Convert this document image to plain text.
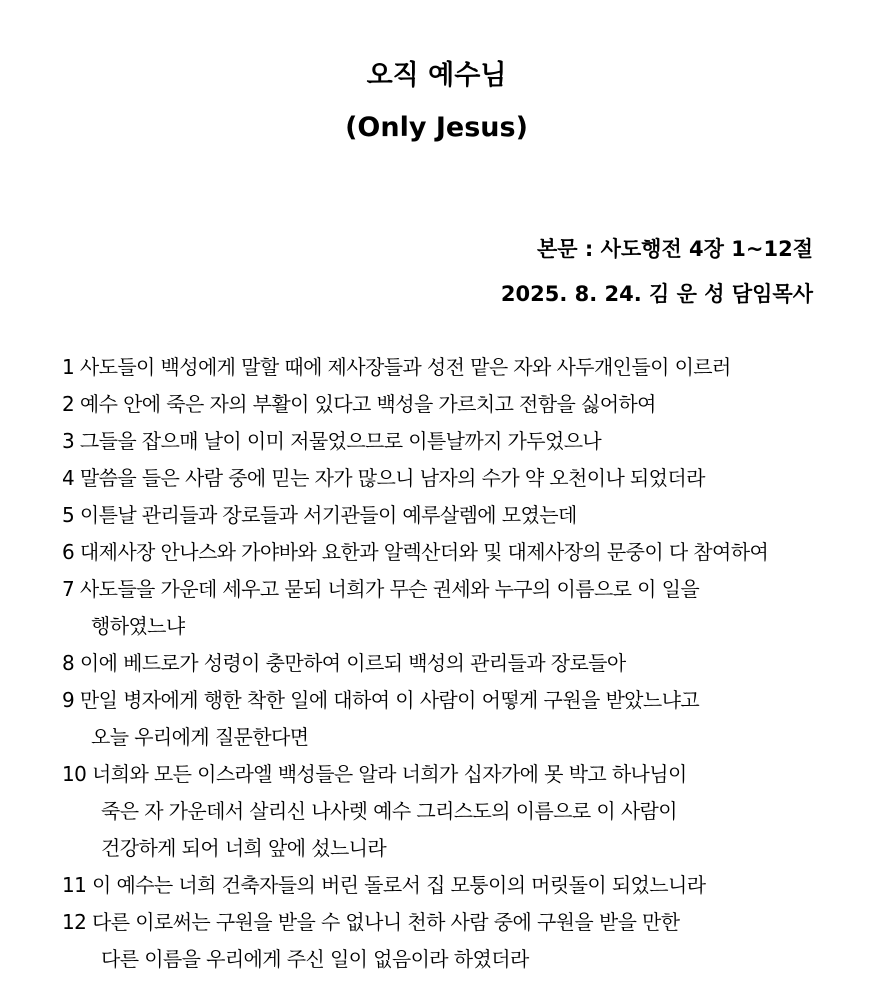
오직 예수님
(Only Jesus)
본문 : 사도행전 4장 1~12절
2025. 8. 24. 김 운 성 담임목사
1 사도들이 백성에게 말할 때에 제사장들과 성전 맡은 자와 사두개인들이 이르러
2 예수 안에 죽은 자의 부활이 있다고 백성을 가르치고 전함을 싫어하여
3 그들을 잡으매 날이 이미 저물었으므로 이튿날까지 가두었으나
4 말씀을 들은 사람 중에 믿는 자가 많으니 남자의 수가 약 오천이나 되었더라
5 이튿날 관리들과 장로들과 서기관들이 예루살렘에 모였는데
6 대제사장 안나스와 가야바와 요한과 알렉산더와 및 대제사장의 문중이 다 참여하여
7 사도들을 가운데 세우고 묻되 너희가 무슨 권세와 누구의 이름으로 이 일을
행하였느냐
8 이에 베드로가 성령이 충만하여 이르되 백성의 관리들과 장로들아
9 만일 병자에게 행한 착한 일에 대하여 이 사람이 어떻게 구원을 받았느냐고
오늘 우리에게 질문한다면
10 너희와 모든 이스라엘 백성들은 알라 너희가 십자가에 못 박고 하나님이
죽은 자 가운데서 살리신 나사렛 예수 그리스도의 이름으로 이 사람이
건강하게 되어 너희 앞에 섰느니라
11 이 예수는 너희 건축자들의 버린 돌로서 집 모퉁이의 머릿돌이 되었느니라
12 다른 이로써는 구원을 받을 수 없나니 천하 사람 중에 구원을 받을 만한
다른 이름을 우리에게 주신 일이 없음이라 하였더라
